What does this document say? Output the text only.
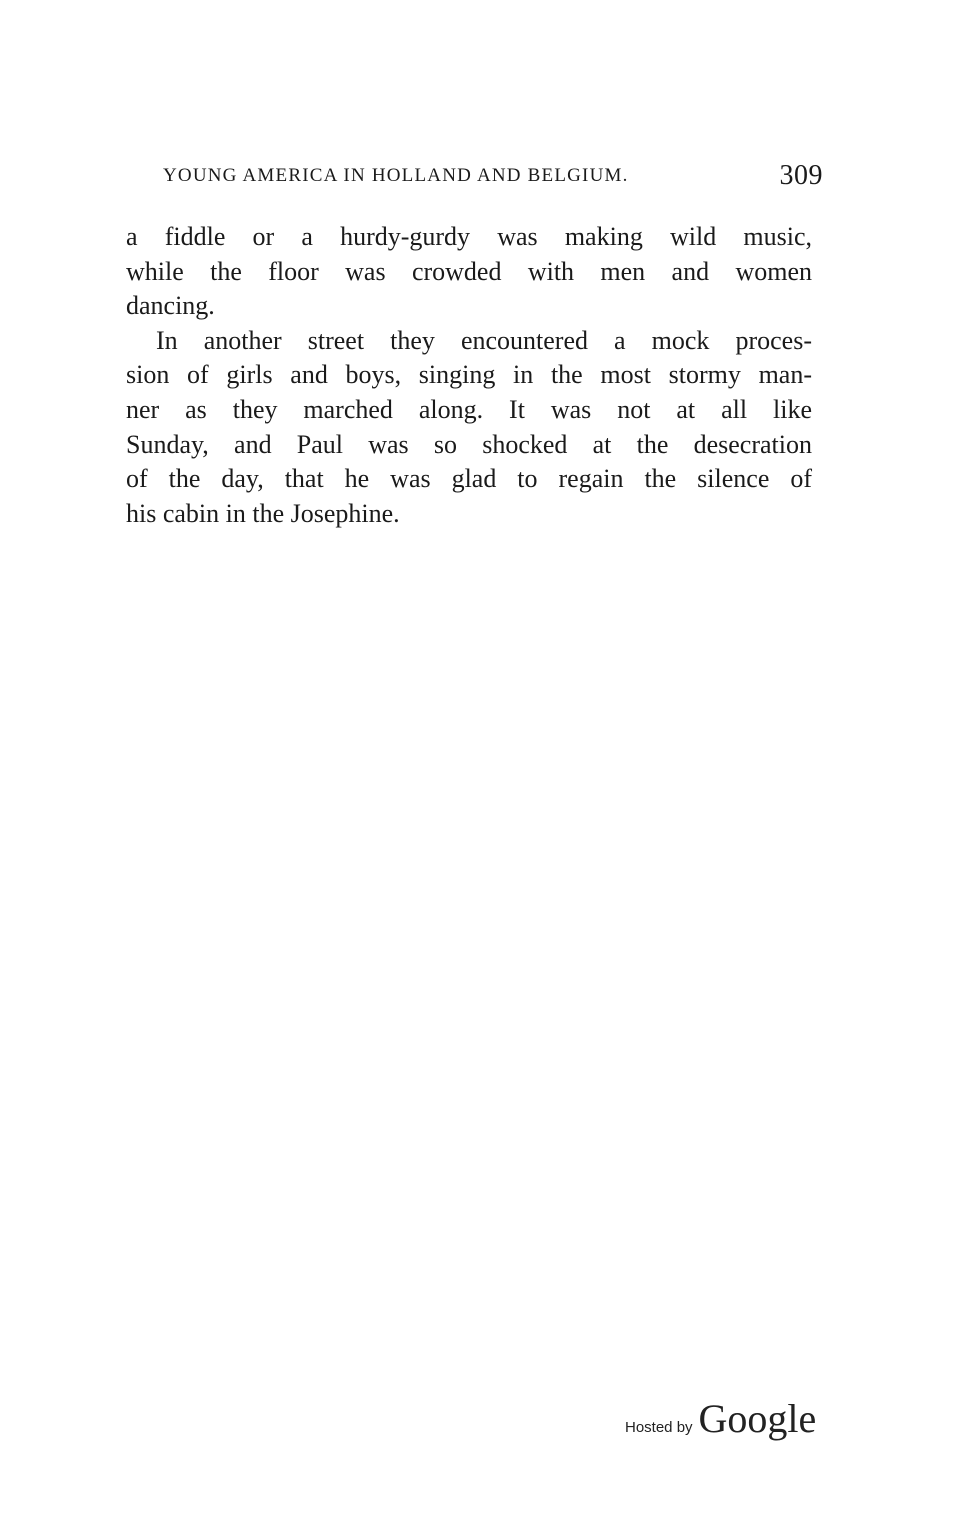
YOUNG AMERICA IN HOLLAND AND BELGIUM.	309
a fiddle or a hurdy-gurdy was making wild music,
while the floor was crowded with men and women
dancing.
In another street they encountered a mock proces-
sion of girls and boys, singing in the most stormy man-
ner as they marched along. It was not at all like
Sunday, and Paul was so shocked at the desecration
of the day, that he was glad to regain the silence of
his cabin in the Josephine.
Hosted by Google
